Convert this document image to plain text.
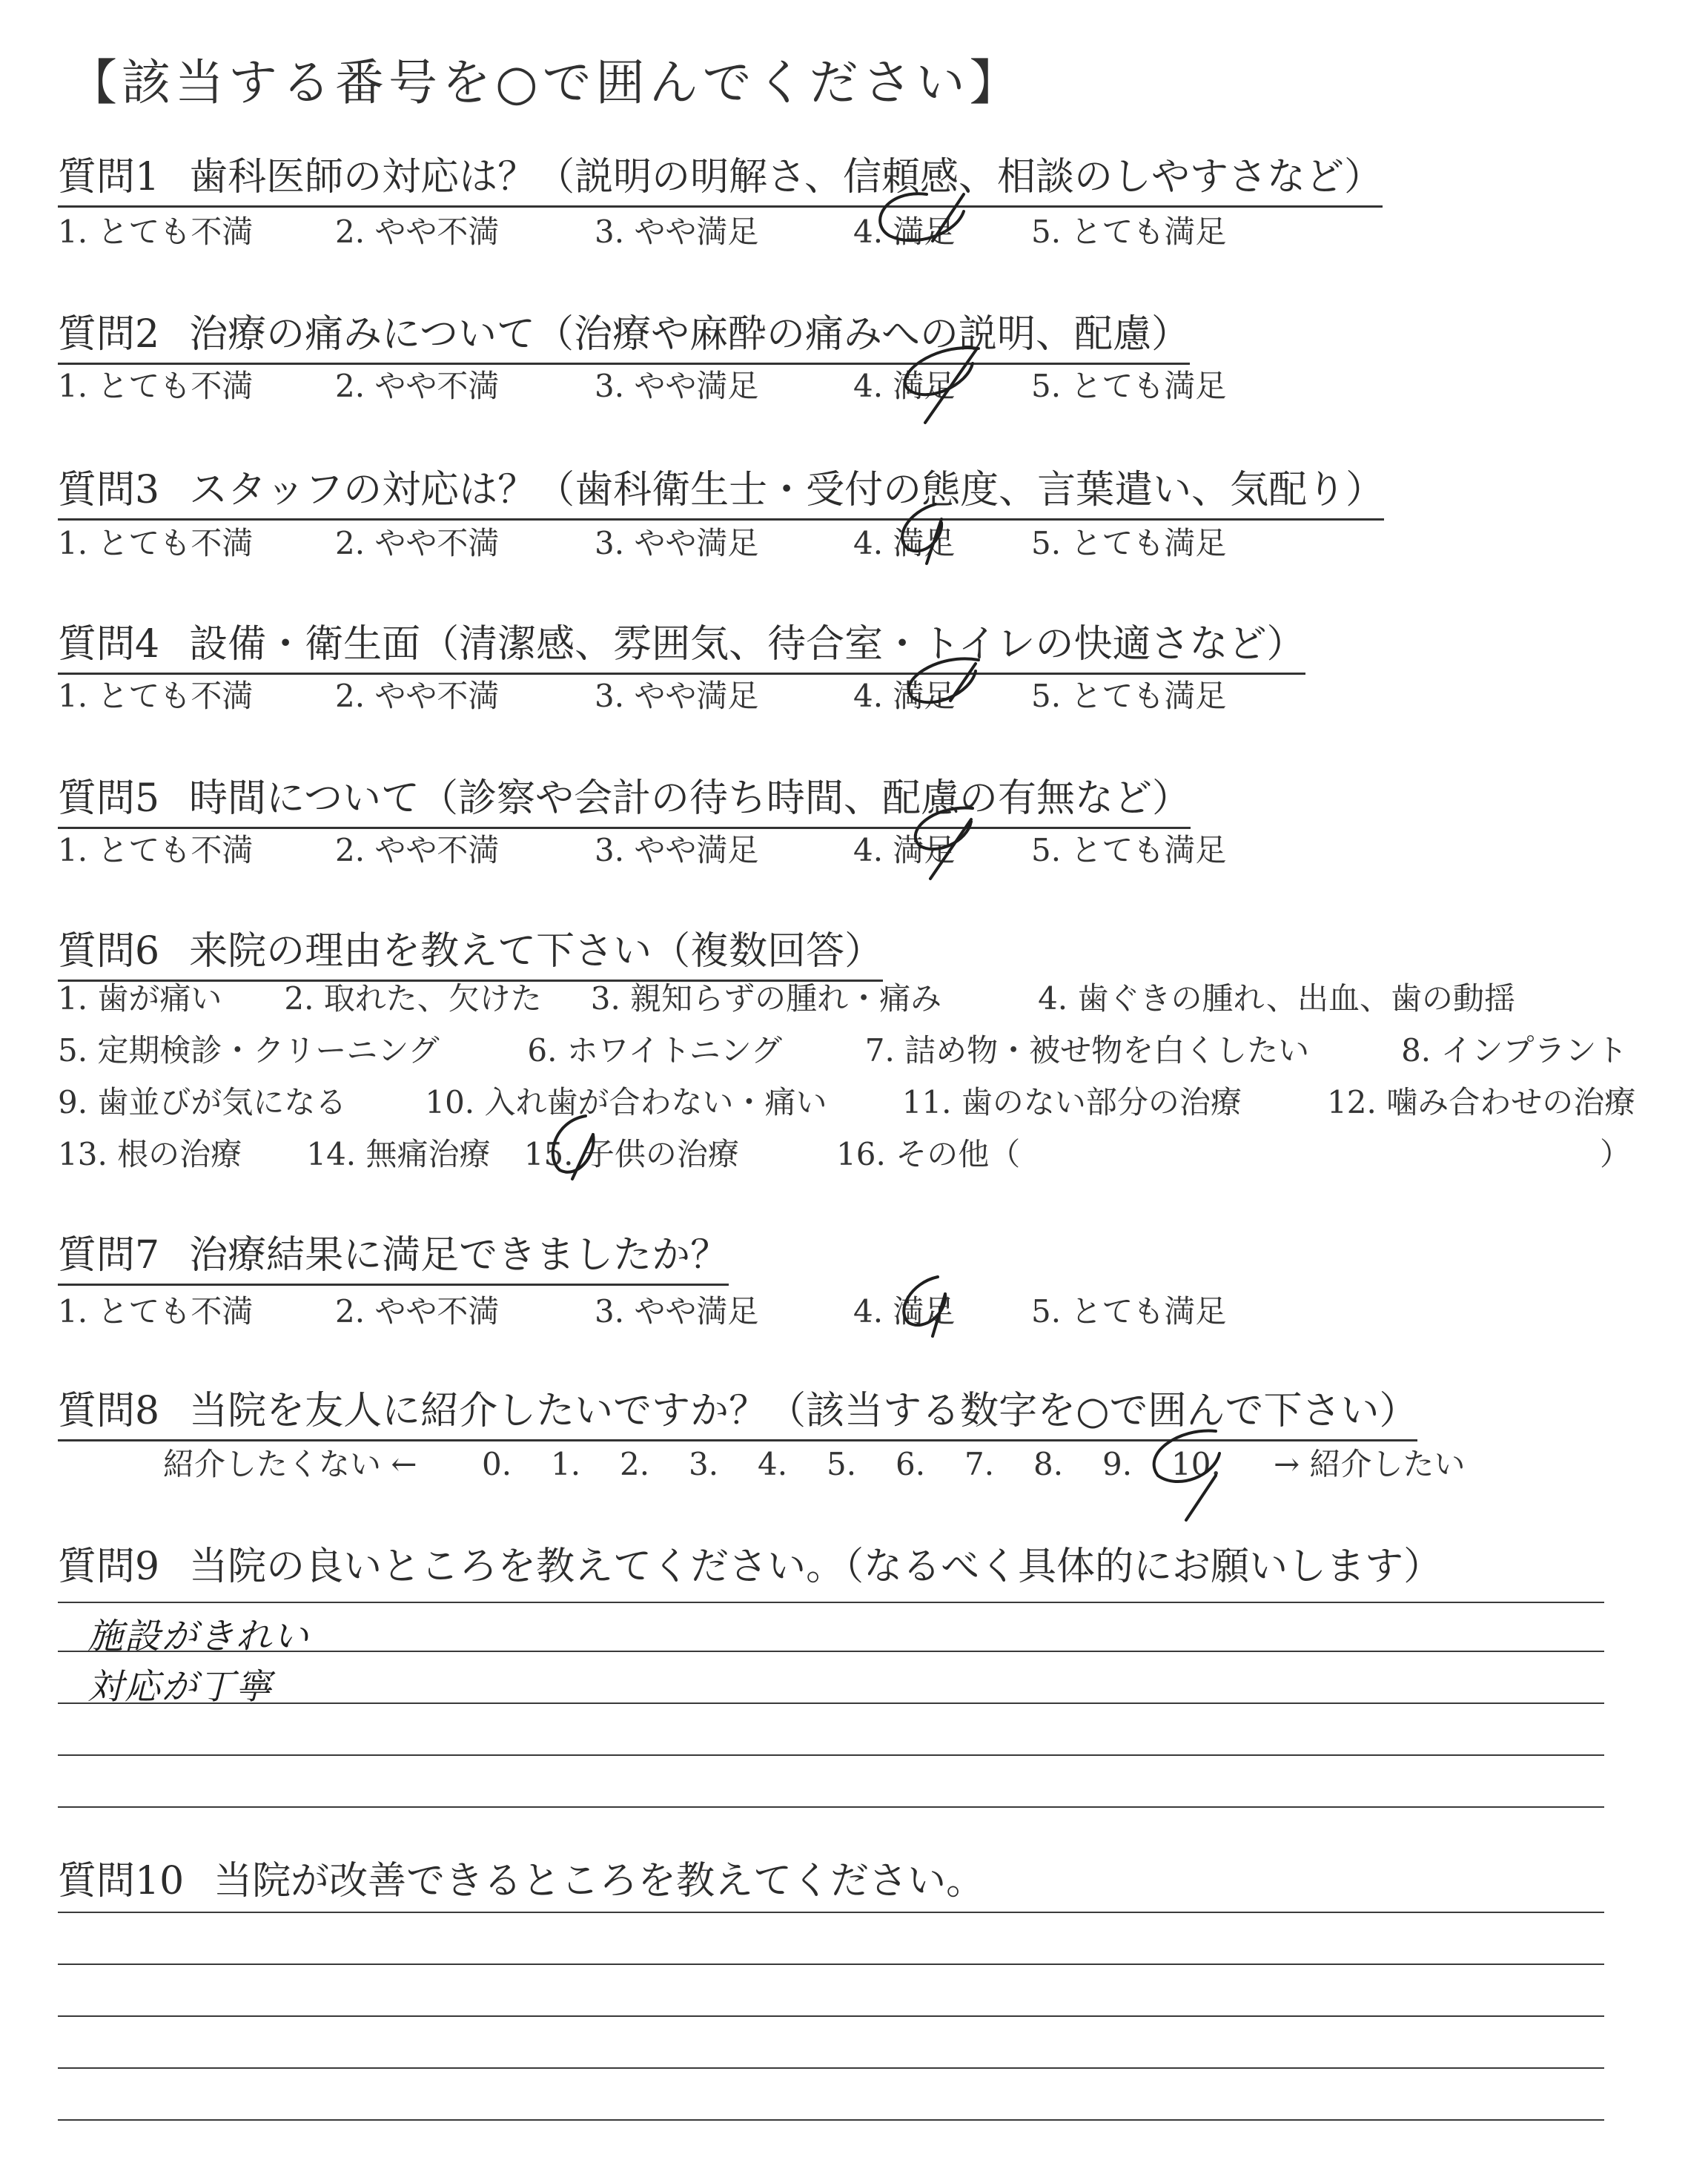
【該当する番号を○で囲んでください】
質問1 歯科医師の対応は？（説明の明解さ、信頼感、相談のしやすさなど）
1. とても不満	2. やや不満	3. やや満足	4. 満足	5. とても満足
質問2 治療の痛みについて（治療や麻酔の痛みへの説明、配慮）
1. とても不満	2. やや不満	3. やや満足	4. 満足	5. とても満足
質問3 スタッフの対応は？（歯科衛生士・受付の態度、言葉遣い、気配り）
1. とても不満	2. やや不満	3. やや満足	4. 満足	5. とても満足
質問4 設備・衛生面（清潔感、雰囲気、待合室・トイレの快適さなど）
1. とても不満	2. やや不満	3. やや満足	4. 満足	5. とても満足
質問5 時間について（診察や会計の待ち時間、配慮の有無など）
1. とても不満	2. やや不満	3. やや満足	4. 満足	5. とても満足
質問6 来院の理由を教えて下さい（複数回答）
1. 歯が痛い 2. 取れた、欠けた 3. 親知らずの腫れ・痛み	4. 歯ぐきの腫れ、出血、歯の動揺
5. 定期検診・クリーニング	6. ホワイトニング	7. 詰め物・被せ物を白くしたい	8. インプラント
9. 歯並びが気になる	10. 入れ歯が合わない・痛い 11. 歯のない部分の治療	12. 噛み合わせの治療
13. 根の治療 14. 無痛治療 15. 子供の治療	16. その他（	）
質問7 治療結果に満足できましたか？
1. とても不満	2. やや不満	3. やや満足	4. 満足	5. とても満足
質問8 当院を友人に紹介したいですか？（該当する数字を○で囲んで下さい）
紹介したくない ← 0. 1. 2. 3. 4. 5. 6. 7. 8. 9. 10. → 紹介したい
質問9 当院の良いところを教えてください。（なるべく具体的にお願いします）
施設がきれい
対応が丁寧
質問10 当院が改善できるところを教えてください。
